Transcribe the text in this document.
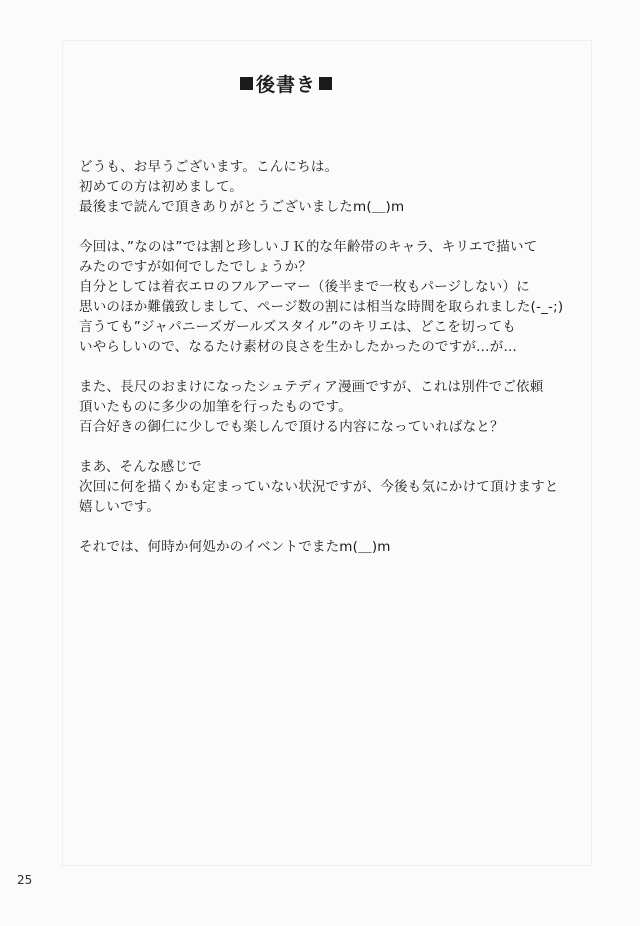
後書き
どうも、お早うございます。こんにちは。
初めての方は初めまして。
最後まで読んで頂きありがとうございましたm(＿)m
今回は、”なのは”では割と珍しいＪＫ的な年齢帯のキャラ、キリエで描いて
みたのですが如何でしたでしょうか？
自分としては着衣エロのフルアーマー（後半まで一枚もパージしない）に
思いのほか難儀致しまして、ページ数の割には相当な時間を取られました(-_-;)
言うても”ジャパニーズガールズスタイル”のキリエは、どこを切っても
いやらしいので、なるたけ素材の良さを生かしたかったのですが…が…
また、長尺のおまけになったシュテディア漫画ですが、これは別件でご依頼
頂いたものに多少の加筆を行ったものです。
百合好きの御仁に少しでも楽しんで頂ける内容になっていればなと？
まあ、そんな感じで
次回に何を描くかも定まっていない状況ですが、今後も気にかけて頂けますと
嬉しいです。
それでは、何時か何処かのイベントでまたm(＿)m
25
